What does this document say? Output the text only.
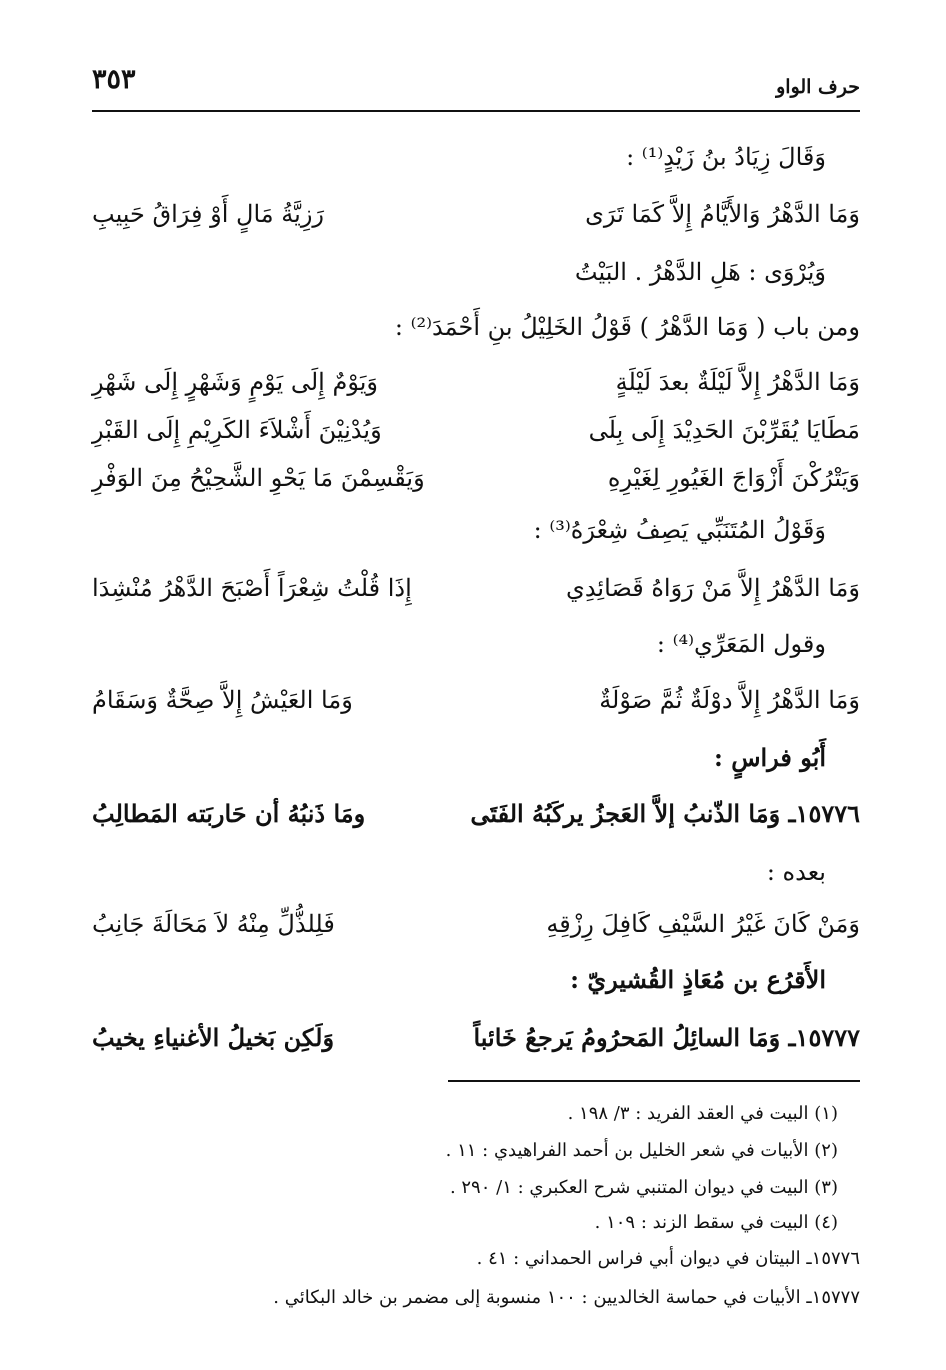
حرف الواو
٣٥٣
وَقَالَ زِيَادُ بنُ زَيْدٍ⁽¹⁾ :
وَمَا الدَّهْرُ وَالأَيَّامُ إِلاَّ كَمَا تَرَى
رَزِيَّةُ مَالٍ أَوْ فِرَاقُ حَبِيبِ
وَيُرْوَى : هَلِ الدَّهْرُ . البَيْتُ
ومن باب ( وَمَا الدَّهْرُ ) قَوْلُ الخَلِيْلُ بنِ أَحْمَدَ⁽²⁾ :
وَمَا الدَّهْرُ إِلاَّ لَيْلَةٌ بعدَ لَيْلَةٍ
وَيَوْمٌ إِلَى يَوْمٍ وَشَهْرٍ إِلَى شَهْرِ
مَطَايَا يُقَرِّبْنَ الحَدِيْدَ إِلَى بِلَى
وَيُدْنِيْنَ أَشْلاَءَ الكَرِيْمِ إِلَى القَبْرِ
وَيَتْرُكْنَ أَزْوَاجَ الغَيُورِ لِغَيْرِهِ
وَيَقْسِمْنَ مَا يَحْوِ الشَّحِيْحُ مِنَ الوَفْرِ
وَقَوْلُ المُتَنَبِّي يَصِفُ شِعْرَهُ⁽³⁾ :
وَمَا الدَّهْرُ إِلاَّ مَنْ رَوَاهُ قَصَائِدِي
إِذَا قُلْتُ شِعْرَاً أَصْبَحَ الدَّهْرُ مُنْشِدَا
وقول المَعَرِّي⁽⁴⁾ :
وَمَا الدَّهْرُ إِلاَّ دوْلَةٌ ثُمَّ صَوْلَةٌ
وَمَا العَيْشُ إِلاَّ صِحَّةٌ وَسَقَامُ
أَبُو فراسٍ :
١٥٧٧٦ـ وَمَا الذّنبُ إلاَّ العَجزُ يركَبُهُ الفَتَى
ومَا ذَنبُهُ أن حَاربَته المَطالِبُ
بعده :
وَمَنْ كَانَ غَيْرُ السَّيْفِ كَافِلَ رِزْقِهِ
فَلِلذُّلِّ مِنْهُ لاَ مَحَالَةَ جَانِبُ
الأَقرُع بن مُعَاذٍ القُشيريّ :
١٥٧٧٧ـ وَمَا السائِلُ المَحرُومُ يَرجعُ خَائباً
وَلَكِن بَخيلُ الأغنياءِ يخيبُ
(١) البيت في العقد الفريد : ٣/ ١٩٨ .
(٢) الأبيات في شعر الخليل بن أحمد الفراهيدي : ١١ .
(٣) البيت في ديوان المتنبي شرح العكبري : ١/ ٢٩٠ .
(٤) البيت في سقط الزند : ١٠٩ .
١٥٧٧٦ـ البيتان في ديوان أبي فراس الحمداني : ٤١ .
١٥٧٧٧ـ الأبيات في حماسة الخالديين : ١٠٠ منسوبة إلى مضمر بن خالد البكائي .
